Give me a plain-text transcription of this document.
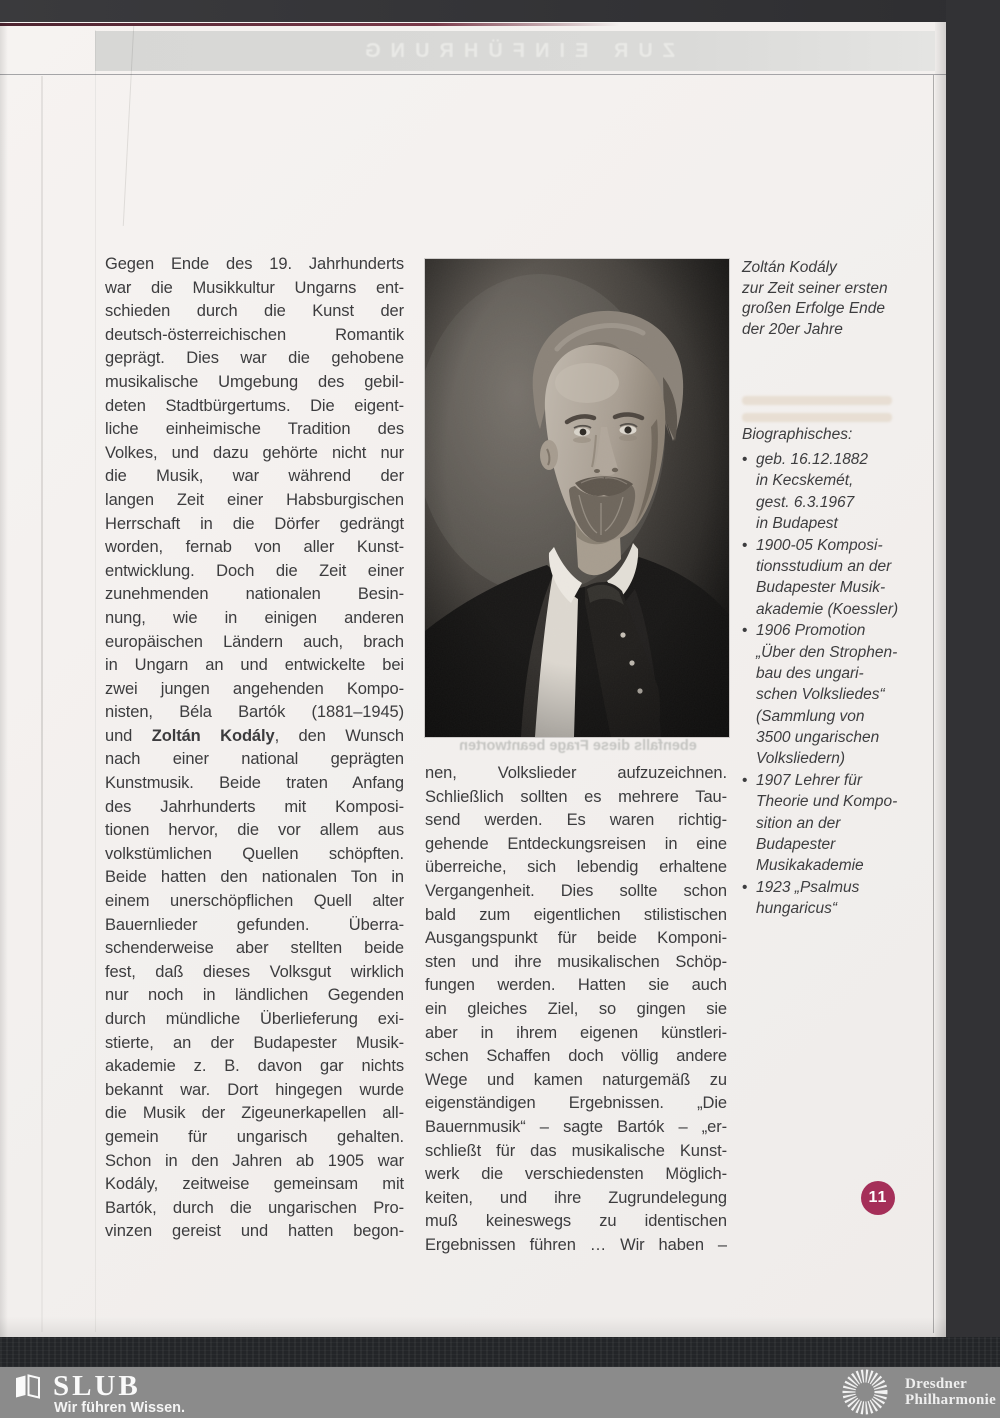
ZUR EINFÜHRUNG
Gegen Ende des 19. Jahrhunderts
war die Musikkultur Ungarns ent-
schieden durch die Kunst der
deutsch-österreichischen Romantik
geprägt. Dies war die gehobene
musikalische Umgebung des gebil-
deten Stadtbürgertums. Die eigent-
liche einheimische Tradition des
Volkes, und dazu gehörte nicht nur
die Musik, war während der
langen Zeit einer Habsburgischen
Herrschaft in die Dörfer gedrängt
worden, fernab von aller Kunst-
entwicklung. Doch die Zeit einer
zunehmenden nationalen Besin-
nung, wie in einigen anderen
europäischen Ländern auch, brach
in Ungarn an und entwickelte bei
zwei jungen angehenden Kompo-
nisten, Béla Bartók (1881–1945)
und Zoltán Kodály, den Wunsch
nach einer national geprägten
Kunstmusik. Beide traten Anfang
des Jahrhunderts mit Komposi-
tionen hervor, die vor allem aus
volkstümlichen Quellen schöpften.
Beide hatten den nationalen Ton in
einem unerschöpflichen Quell alter
Bauernlieder gefunden. Überra-
schenderweise aber stellten beide
fest, daß dieses Volksgut wirklich
nur noch in ländlichen Gegenden
durch mündliche Überlieferung exi-
stierte, an der Budapester Musik-
akademie z. B. davon gar nichts
bekannt war. Dort hingegen wurde
die Musik der Zigeunerkapellen all-
gemein für ungarisch gehalten.
Schon in den Jahren ab 1905 war
Kodály, zeitweise gemeinsam mit
Bartók, durch die ungarischen Pro-
vinzen gereist und hatten begon-
ebenfalls diese Frage beantworten
nen, Volkslieder aufzuzeichnen.
Schließlich sollten es mehrere Tau-
send werden. Es waren richtig-
gehende Entdeckungsreisen in eine
überreiche, sich lebendig erhaltene
Vergangenheit. Dies sollte schon
bald zum eigentlichen stilistischen
Ausgangspunkt für beide Komponi-
sten und ihre musikalischen Schöp-
fungen werden. Hatten sie auch
ein gleiches Ziel, so gingen sie
aber in ihrem eigenen künstleri-
schen Schaffen doch völlig andere
Wege und kamen naturgemäß zu
eigenständigen Ergebnissen. „Die
Bauernmusik“ – sagte Bartók – „er-
schließt für das musikalische Kunst-
werk die verschiedensten Möglich-
keiten, und ihre Zugrundelegung
muß keineswegs zu identischen
Ergebnissen führen … Wir haben –
Zoltán Kodály
zur Zeit seiner ersten
großen Erfolge Ende
der 20er Jahre
Biographisches:
• geb. 16.12.1882
in Kecskemét,
gest. 6.3.1967
in Budapest
• 1900-05 Komposi-
tionsstudium an der
Budapester Musik-
akademie (Koessler)
• 1906 Promotion
„Über den Strophen-
bau des ungari-
schen Volksliedes“
(Sammlung von
3500 ungarischen
Volksliedern)
• 1907 Lehrer für
Theorie und Kompo-
sition an der
Budapester
Musikakademie
• 1923 „Psalmus
hungaricus“
11
SLUB
Wir führen Wissen.
Dresdner
Philharmonie
